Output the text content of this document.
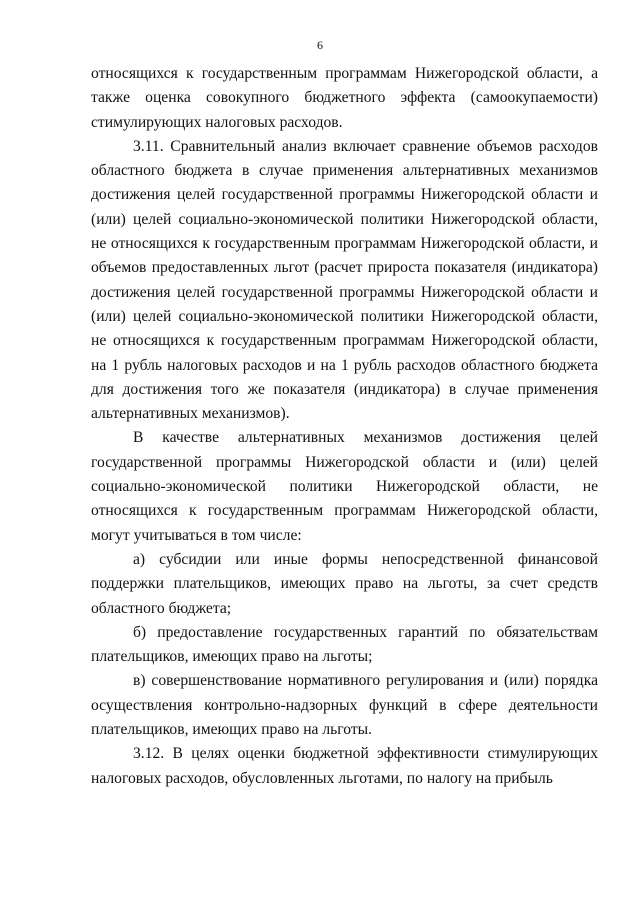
6

относящихся к государственным программам Нижегородской области, а также оценка совокупного бюджетного эффекта (самоокупаемости) стимулирующих налоговых расходов.

3.11. Сравнительный анализ включает сравнение объемов расходов областного бюджета в случае применения альтернативных механизмов достижения целей государственной программы Нижегородской области и (или) целей социально-экономической политики Нижегородской области, не относящихся к государственным программам Нижегородской области, и объемов предоставленных льгот (расчет прироста показателя (индикатора) достижения целей государственной программы Нижегородской области и (или) целей социально-экономической политики Нижегородской области, не относящихся к государственным программам Нижегородской области, на 1 рубль налоговых расходов и на 1 рубль расходов областного бюджета для достижения того же показателя (индикатора) в случае применения альтернативных механизмов).

В качестве альтернативных механизмов достижения целей государственной программы Нижегородской области и (или) целей социально-экономической политики Нижегородской области, не относящихся к государственным программам Нижегородской области, могут учитываться в том числе:

а) субсидии или иные формы непосредственной финансовой поддержки плательщиков, имеющих право на льготы, за счет средств областного бюджета;

б) предоставление государственных гарантий по обязательствам плательщиков, имеющих право на льготы;

в) совершенствование нормативного регулирования и (или) порядка осуществления контрольно-надзорных функций в сфере деятельности плательщиков, имеющих право на льготы.

3.12. В целях оценки бюджетной эффективности стимулирующих налоговых расходов, обусловленных льготами, по налогу на прибыль
